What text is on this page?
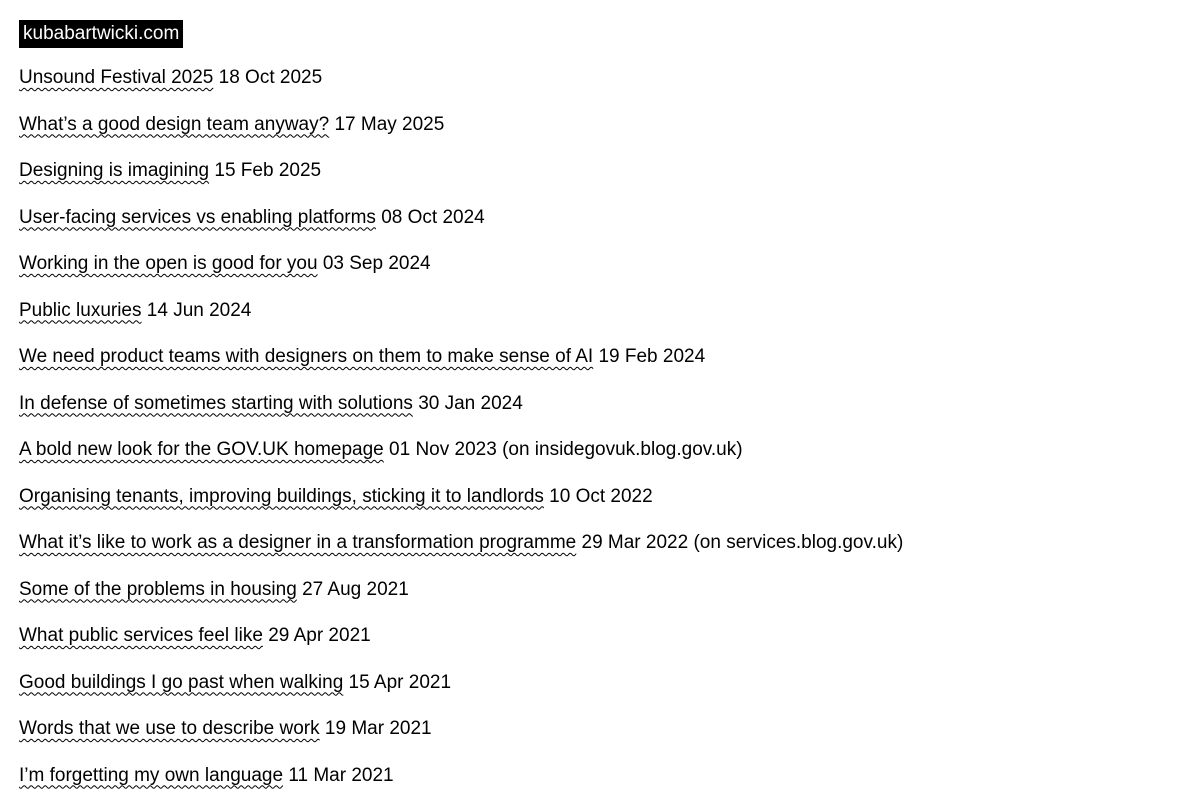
kubabartwicki.com
Unsound Festival 2025 18 Oct 2025
What’s a good design team anyway? 17 May 2025
Designing is imagining 15 Feb 2025
User-facing services vs enabling platforms 08 Oct 2024
Working in the open is good for you 03 Sep 2024
Public luxuries 14 Jun 2024
We need product teams with designers on them to make sense of AI 19 Feb 2024
In defense of sometimes starting with solutions 30 Jan 2024
A bold new look for the GOV.UK homepage 01 Nov 2023 (on insidegovuk.blog.gov.uk)
Organising tenants, improving buildings, sticking it to landlords 10 Oct 2022
What it’s like to work as a designer in a transformation programme 29 Mar 2022 (on services.blog.gov.uk)
Some of the problems in housing 27 Aug 2021
What public services feel like 29 Apr 2021
Good buildings I go past when walking 15 Apr 2021
Words that we use to describe work 19 Mar 2021
I’m forgetting my own language 11 Mar 2021
